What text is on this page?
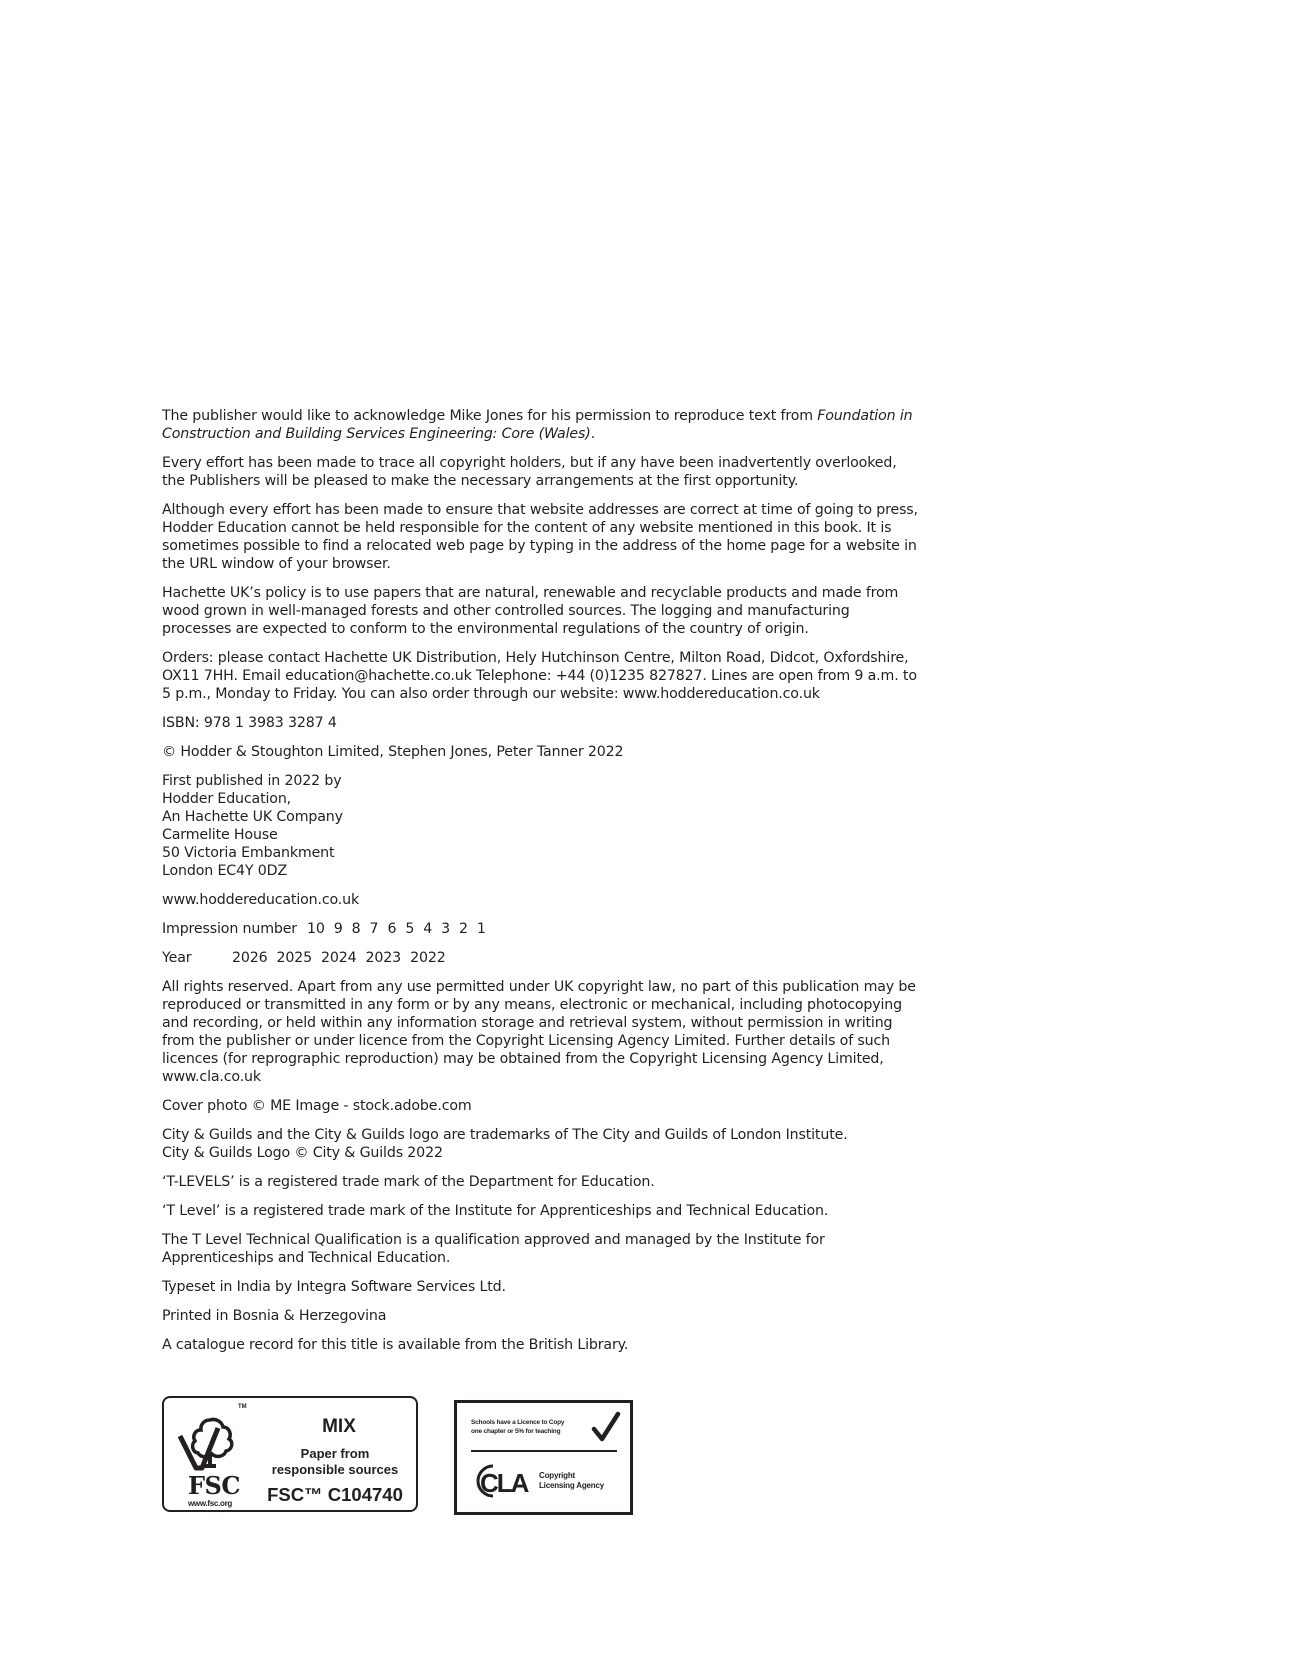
The publisher would like to acknowledge Mike Jones for his permission to reproduce text from Foundation in Construction and Building Services Engineering: Core (Wales).

Every effort has been made to trace all copyright holders, but if any have been inadvertently overlooked, the Publishers will be pleased to make the necessary arrangements at the first opportunity.

Although every effort has been made to ensure that website addresses are correct at time of going to press, Hodder Education cannot be held responsible for the content of any website mentioned in this book. It is sometimes possible to find a relocated web page by typing in the address of the home page for a website in the URL window of your browser.

Hachette UK’s policy is to use papers that are natural, renewable and recyclable products and made from wood grown in well-managed forests and other controlled sources. The logging and manufacturing processes are expected to conform to the environmental regulations of the country of origin.

Orders: please contact Hachette UK Distribution, Hely Hutchinson Centre, Milton Road, Didcot, Oxfordshire, OX11 7HH. Email education@hachette.co.uk Telephone: +44 (0)1235 827827. Lines are open from 9 a.m. to 5 p.m., Monday to Friday. You can also order through our website: www.hoddereducation.co.uk

ISBN: 978 1 3983 3287 4

© Hodder & Stoughton Limited, Stephen Jones, Peter Tanner 2022

First published in 2022 by
Hodder Education,
An Hachette UK Company
Carmelite House
50 Victoria Embankment
London EC4Y 0DZ

www.hoddereducation.co.uk

Impression number 10 9 8 7 6 5 4 3 2 1
Year	2026 2025 2024 2023 2022

All rights reserved. Apart from any use permitted under UK copyright law, no part of this publication may be reproduced or transmitted in any form or by any means, electronic or mechanical, including photocopying and recording, or held within any information storage and retrieval system, without permission in writing from the publisher or under licence from the Copyright Licensing Agency Limited. Further details of such licences (for reprographic reproduction) may be obtained from the Copyright Licensing Agency Limited, www.cla.co.uk

Cover photo © ME Image - stock.adobe.com

City & Guilds and the City & Guilds logo are trademarks of The City and Guilds of London Institute.
City & Guilds Logo © City & Guilds 2022

‘T-LEVELS’ is a registered trade mark of the Department for Education.

‘T Level’ is a registered trade mark of the Institute for Apprenticeships and Technical Education.

The T Level Technical Qualification is a qualification approved and managed by the Institute for Apprenticeships and Technical Education.

Typeset in India by Integra Software Services Ltd.

Printed in Bosnia & Herzegovina

A catalogue record for this title is available from the British Library.

TM
FSC
www.fsc.org
MIX
Paper from
responsible sources
FSC™ C104740
Schools have a Licence to Copy
one chapter or 5% for teaching
CLA Copyright
Licensing Agency
